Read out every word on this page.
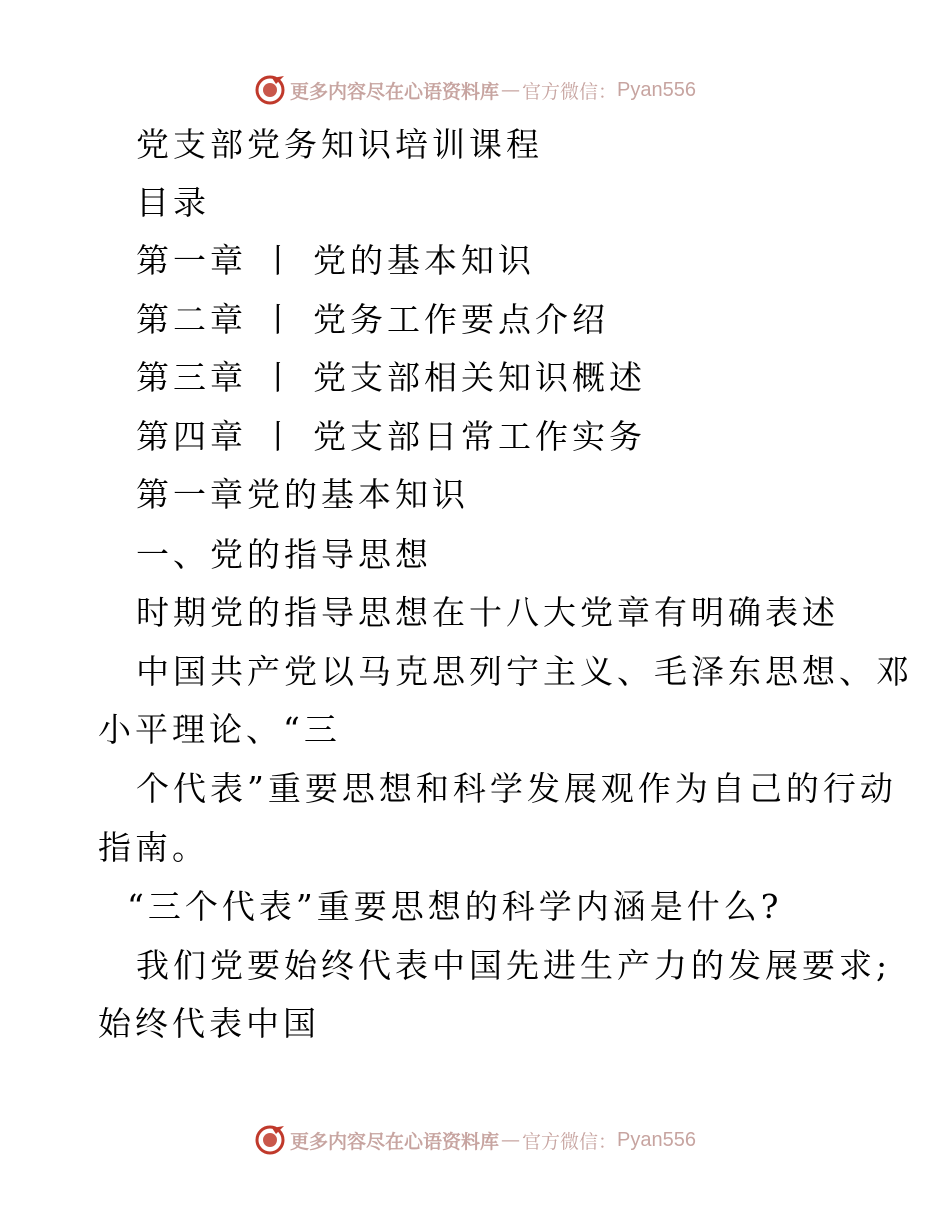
更多内容尽在心语资料库 — 官方微信： Pyan556
党支部党务知识培训课程
目录
第一章 丨 党的基本知识
第二章 丨 党务工作要点介绍
第三章 丨 党支部相关知识概述
第四章 丨 党支部日常工作实务
第一章党的基本知识
一、党的指导思想
时期党的指导思想在十八大党章有明确表述
中国共产党以马克思列宁主义、毛泽东思想、邓
小平理论、“三
个代表”重要思想和科学发展观作为自己的行动
指南。
“三个代表”重要思想的科学内涵是什么?
我们党要始终代表中国先进生产力的发展要求;
始终代表中国
更多内容尽在心语资料库 — 官方微信： Pyan556
